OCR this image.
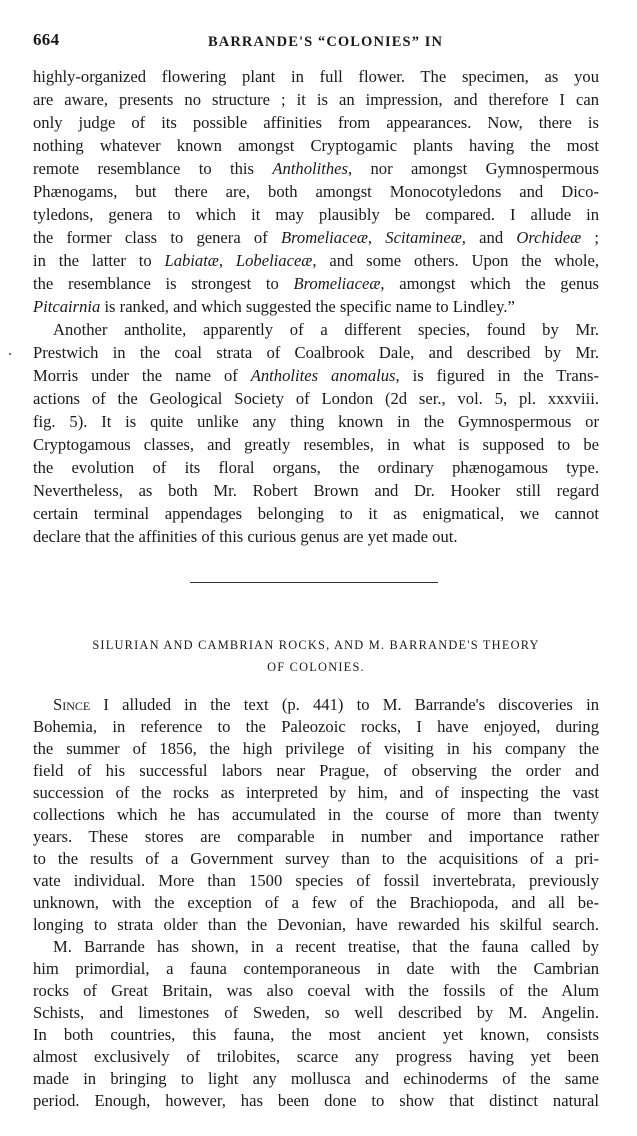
664	BARRANDE'S “COLONIES” IN
highly-organized flowering plant in full flower. The specimen, as you
are aware, presents no structure ; it is an impression, and therefore I can
only judge of its possible affinities from appearances. Now, there is
nothing whatever known amongst Cryptogamic plants having the most
remote resemblance to this Antholithes, nor amongst Gymnospermous
Phænogams, but there are, both amongst Monocotyledons and Dico-
tyledons, genera to which it may plausibly be compared. I allude in
the former class to genera of Bromeliaceæ, Scitamineæ, and Orchideæ ;
in the latter to Labiatæ, Lobeliaceæ, and some others. Upon the whole,
the resemblance is strongest to Bromeliaceæ, amongst which the genus
Pitcairnia is ranked, and which suggested the specific name to Lindley.”
Another antholite, apparently of a different species, found by Mr.
Prestwich in the coal strata of Coalbrook Dale, and described by Mr.
Morris under the name of Antholites anomalus, is figured in the Trans-
actions of the Geological Society of London (2d ser., vol. 5, pl. xxxviii.
fig. 5). It is quite unlike any thing known in the Gymnospermous or
Cryptogamous classes, and greatly resembles, in what is supposed to be
the evolution of its floral organs, the ordinary phænogamous type.
Nevertheless, as both Mr. Robert Brown and Dr. Hooker still regard
certain terminal appendages belonging to it as enigmatical, we cannot
declare that the affinities of this curious genus are yet made out.
SILURIAN AND CAMBRIAN ROCKS, AND M. BARRANDE'S THEORY
OF COLONIES.
Since I alluded in the text (p. 441) to M. Barrande's discoveries in
Bohemia, in reference to the Paleozoic rocks, I have enjoyed, during
the summer of 1856, the high privilege of visiting in his company the
field of his successful labors near Prague, of observing the order and
succession of the rocks as interpreted by him, and of inspecting the vast
collections which he has accumulated in the course of more than twenty
years. These stores are comparable in number and importance rather
to the results of a Government survey than to the acquisitions of a pri-
vate individual. More than 1500 species of fossil invertebrata, previously
unknown, with the exception of a few of the Brachiopoda, and all be-
longing to strata older than the Devonian, have rewarded his skilful search.
M. Barrande has shown, in a recent treatise, that the fauna called by
him primordial, a fauna contemporaneous in date with the Cambrian
rocks of Great Britain, was also coeval with the fossils of the Alum
Schists, and limestones of Sweden, so well described by M. Angelin.
In both countries, this fauna, the most ancient yet known, consists
almost exclusively of trilobites, scarce any progress having yet been
made in bringing to light any mollusca and echinoderms of the same
period. Enough, however, has been done to show that distinct natural
